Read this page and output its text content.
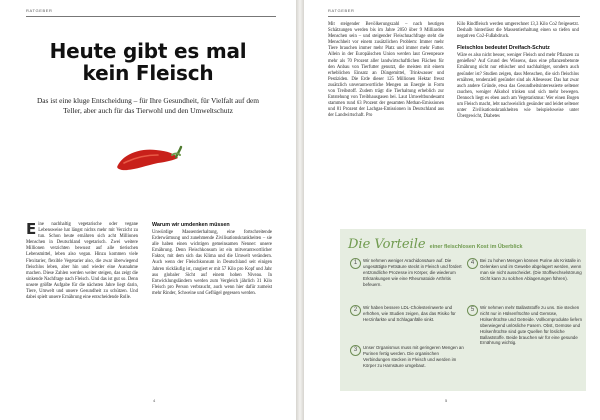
RATGEBER
Heute gibt es mal
kein Fleisch

Das ist eine kluge Entscheidung – für Ihre Gesundheit, für Vielfalt auf dem Teller, aber auch für das Tierwohl und den Umweltschutz

Eine nachhaltig vegetarische oder vegane Lebensweise hat längst nichts mehr mit Verzicht zu tun. Schon heute ernähren sich acht Millionen Menschen in Deutschland vegetarisch. Zwei weitere Millionen verzichten bewusst auf alle tierischen Lebensmittel, leben also vegan. Hinzu kommen viele Flexitarier, flexible Vegetarier also, die zwar überwiegend fleischlos leben, aber hin und wieder eine Ausnahme machen. Diese Zahlen werden weiter steigen, das zeigt die sinkende Nachfrage nach Fleisch. Und das ist gut so. Denn unsere größte Aufgabe für die nächsten Jahre liegt darin, Tiere, Umwelt und unsere Gesundheit zu schützen. Und dabei spielt unsere Ernährung eine entscheidende Rolle.

Warum wir umdenken müssen

Unwürdige Massentierhaltung, eine fortschreitende Erderwärmung und zunehmende Zivilisationskrankheiten – sie alle haben einen wichtigen gemeinsamen Nenner: unsere Ernährung. Denn Fleischkonsum ist ein mitverantwortlicher Faktor, mit dem sich das Klima und die Umwelt verändern. Auch wenn der Fleischkonsum in Deutschland seit einigen Jahren rückläufig ist, rangiert er mit 57 Kilo pro Kopf und Jahr aus globaler Sicht auf einem hohen Niveau. In Entwicklungsländern werden zum Vergleich jährlich 31 Kilo Fleisch pro Person verbraucht, auch wenn hier dafür zumeist mehr Rinder, Schweine und Geflügel gegessen werden.

4
RATGEBER

Mit steigender Bevölkerungszahl – nach heutigen Schätzungen werden bis im Jahre 2050 über 9 Milliarden Menschen sein – und steigender Fleischnachfrage steht die Menschheit vor einem zusätzlichen Problem: Immer mehr Tiere brauchen immer mehr Platz und immer mehr Futter. Allein in der Europäischen Union werden laut Greenpeace mehr als 70 Prozent aller landwirtschaftlichen Flächen für den Anbau von Tierfutter genutzt, die meisten mit einem erheblichen Einsatz an Düngemittel, Trinkwasser und Pestiziden. Die Erde dieser 125 Millionen Hektar fresst zusätzlich unverantwortliche Mengen an Energie in Form von Treibstoff. Zudem trägt die Tierhaltung erheblich zur Entstehung von Treibhausgasen bei. Laut Umweltbundesamt stammen rund 63 Prozent der gesamten Methan-Emissionen und 81 Prozent der Lachgas-Emissionen in Deutschland aus der Landwirtschaft. Pro

Kilo Rindfleisch werden umgerechnet 13,3 Kilo Co2 freigesetzt. Deshalb hinterlässt die Massentierhaltung einen so tiefen und negativen Co2-Fußabdruck.

Fleischlos bedeutet Dreifach-Schutz

Wäre es also nicht besser, weniger Fleisch und mehr Pflanzen zu genießen? Auf Grund des Wissens, dass eine pflanzenbetonte Ernährung nicht nur ethischer und nachhaltiger, sondern auch gesünder ist? Studien zeigen, dass Menschen, die sich fleischlos ernähren, tendenziell gesünder sind als Allesesser. Das hat zwar auch andere Gründe, etwa das Gesundheitsinteressierte seltener rauchen, weniger Alkohol trinken und sich mehr bewegen. Dennoch liegt es eben auch am Vegetarismus: Wer einen Bogen um Fleisch macht, lebt nachweislich gesünder und leidet seltener unter Zivilisationskrankheiten wie beispielsweise unter Übergewicht, Diabetes

Die Vorteile einer fleischlosen Kost im Überblick
1	Wir nehmen weniger Arachidonsäure auf. Die ungesättigte Fettsäure steckt in Fleisch und fördert entzündliche Prozesse im Körper, die wiederum Erkrankungen wie eine Rheumatoide Arthritis befeuern.
2	Wir haben bessere LDL-Cholesterinwerte und erhöhen, wie Studien zeigen, das das Risiko für Herzinfarkte und Schlaganfälle sinkt.
3	Unser Organismus muss mit geringeren Mengen an Purinen fertig werden. Die organischen Verbindungen stecken in Fleisch und werden im Körper zu Harnsäure umgebaut.
4	Bei zu hohen Mengen können Purine als Kristalle in Gelenken und im Gewebe abgelagert werden, wenn man sie nicht ausscheidet. (Die Stoffwechselstörung Gicht kann zu solchen Ablagerungen führen).
5	Wir nehmen mehr Ballaststoffe zu uns. Sie stecken nicht nur in Hülsenfrüchte und Gemüse, Hülsenfrüchte und Getreide. Vollkornprodukte liefern überwiegend unlösliche Fasern. Obst, Gemüse und Hülsenfrüchte sind gute Quellen für lösliche Ballaststoffe. Beide brauchen wir für eine gesunde Ernährung wichtig.
5
